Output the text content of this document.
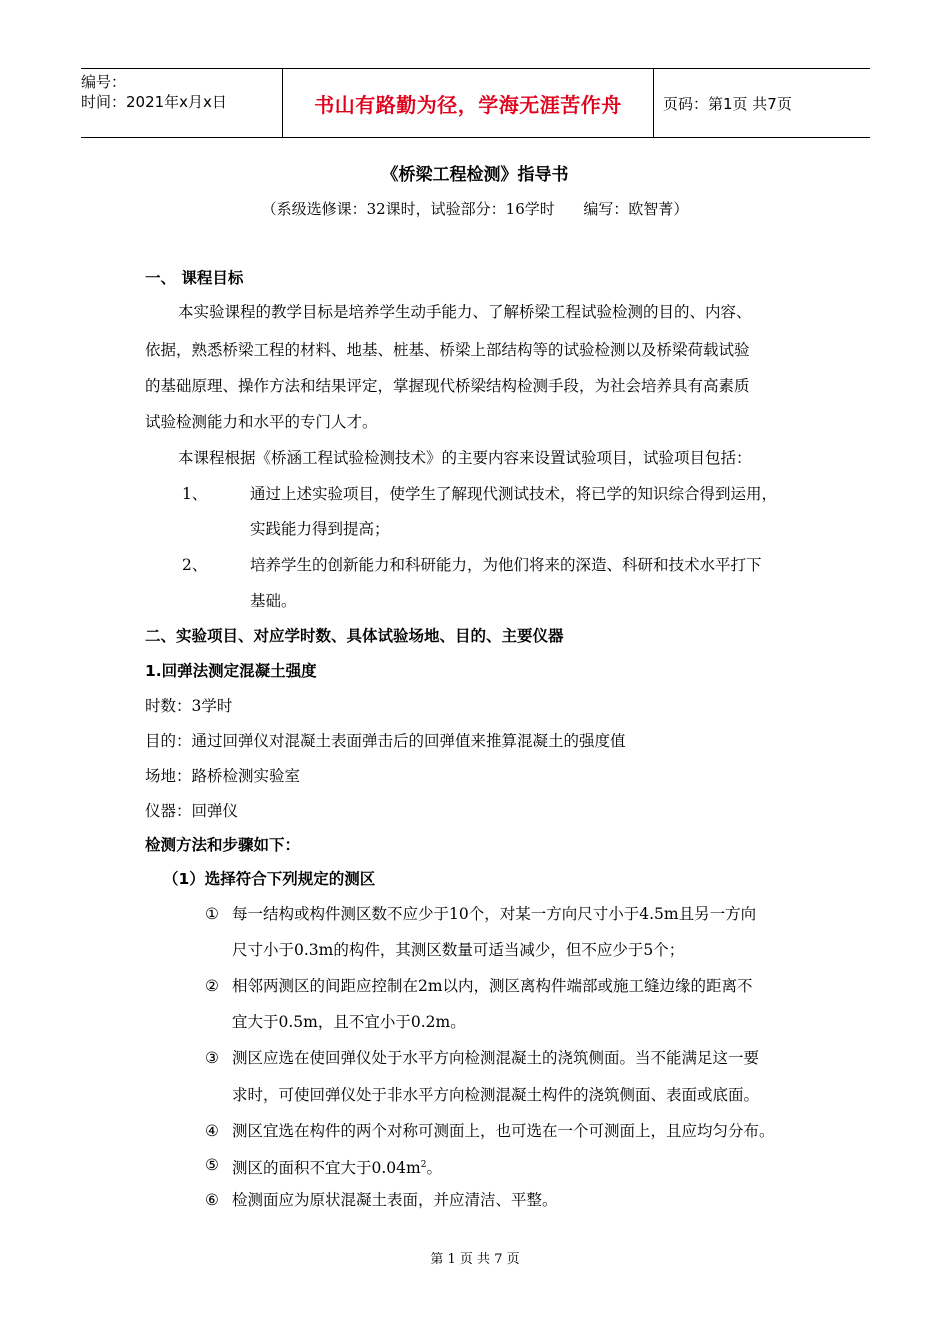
编号：
时间：2021年x月x日	书山有路勤为径，学海无涯苦作舟	页码：第1页 共7页
《桥梁工程检测》指导书
（系级选修课：32课时，试验部分：16学时      编写：欧智菁）
一、 课程目标
本实验课程的教学目标是培养学生动手能力、了解桥梁工程试验检测的目的、内容、
依据，熟悉桥梁工程的材料、地基、桩基、桥梁上部结构等的试验检测以及桥梁荷载试验
的基础原理、操作方法和结果评定，掌握现代桥梁结构检测手段，为社会培养具有高素质
试验检测能力和水平的专门人才。
本课程根据《桥涵工程试验检测技术》的主要内容来设置试验项目，试验项目包括：
1、	通过上述实验项目，使学生了解现代测试技术，将已学的知识综合得到运用，
实践能力得到提高；
2、	培养学生的创新能力和科研能力，为他们将来的深造、科研和技术水平打下
基础。
二、实验项目、对应学时数、具体试验场地、目的、主要仪器
1.回弹法测定混凝土强度
时数：3学时
目的：通过回弹仪对混凝土表面弹击后的回弹值来推算混凝土的强度值
场地：路桥检测实验室
仪器：回弹仪
检测方法和步骤如下：
（1）选择符合下列规定的测区
① 每一结构或构件测区数不应少于10个，对某一方向尺寸小于4.5m且另一方向
尺寸小于0.3m的构件，其测区数量可适当减少，但不应少于5个；
② 相邻两测区的间距应控制在2m以内，测区离构件端部或施工缝边缘的距离不
宜大于0.5m，且不宜小于0.2m。
③ 测区应选在使回弹仪处于水平方向检测混凝土的浇筑侧面。当不能满足这一要
求时，可使回弹仪处于非水平方向检测混凝土构件的浇筑侧面、表面或底面。
④ 测区宜选在构件的两个对称可测面上，也可选在一个可测面上，且应均匀分布。
⑤ 测区的面积不宜大于$0.04m^2$。
⑥ 检测面应为原状混凝土表面，并应清洁、平整。
第 1 页 共 7 页
